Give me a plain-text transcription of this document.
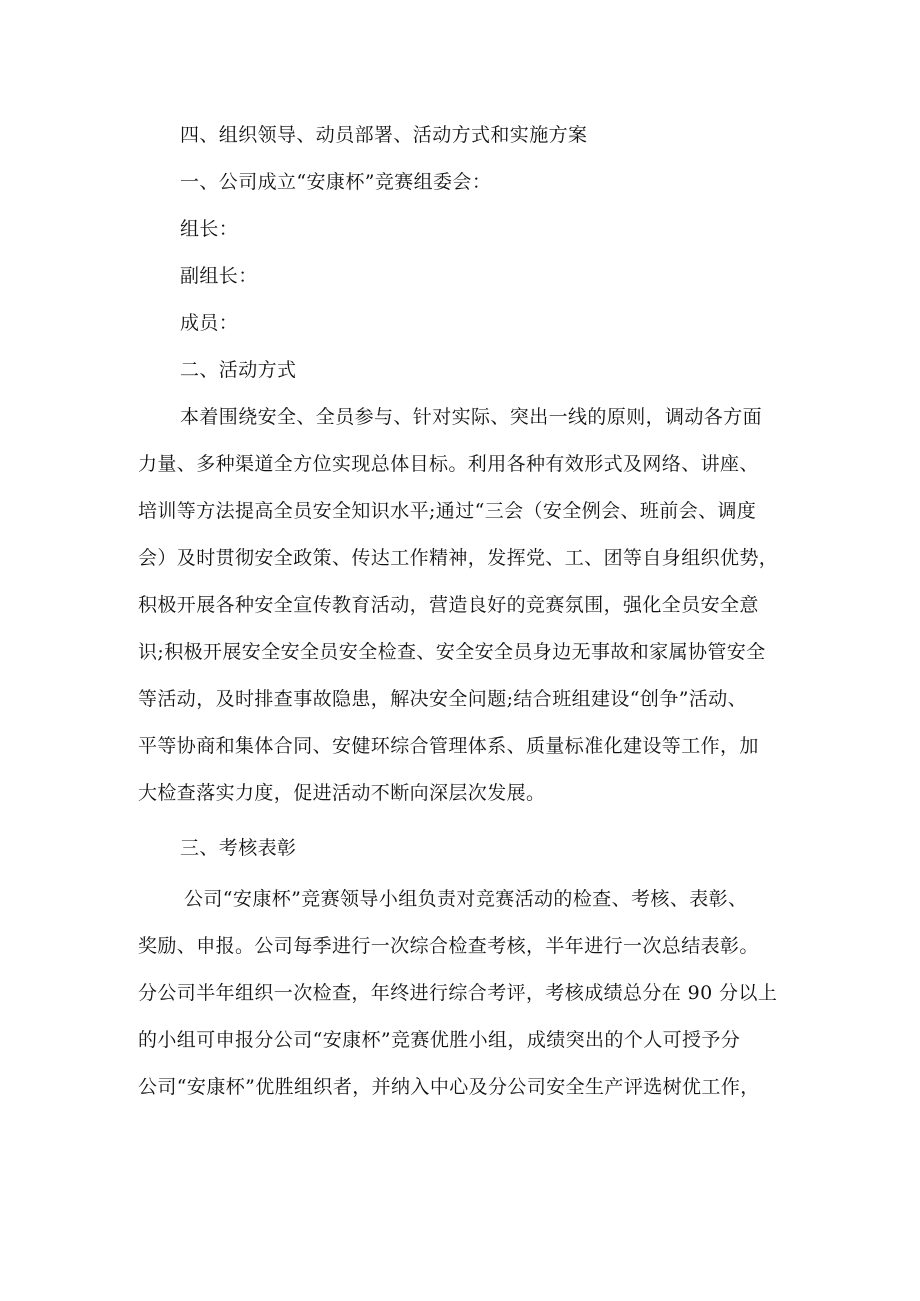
四、组织领导、动员部署、活动方式和实施方案

一、公司成立“安康杯”竞赛组委会：

组长：

副组长：

成员：

二、活动方式

本着围绕安全、全员参与、针对实际、突出一线的原则，调动各方面

力量、多种渠道全方位实现总体目标。利用各种有效形式及网络、讲座、

培训等方法提高全员安全知识水平;通过“三会（安全例会、班前会、调度

会）及时贯彻安全政策、传达工作精神，发挥党、工、团等自身组织优势，

积极开展各种安全宣传教育活动，营造良好的竞赛氛围，强化全员安全意

识;积极开展安全安全员安全检查、安全安全员身边无事故和家属协管安全

等活动，及时排查事故隐患，解决安全问题;结合班组建设“创争”活动、

平等协商和集体合同、安健环综合管理体系、质量标准化建设等工作，加

大检查落实力度，促进活动不断向深层次发展。

三、考核表彰

公司“安康杯”竞赛领导小组负责对竞赛活动的检查、考核、表彰、

奖励、申报。公司每季进行一次综合检查考核，半年进行一次总结表彰。

分公司半年组织一次检查，年终进行综合考评，考核成绩总分在 90 分以上

的小组可申报分公司“安康杯”竞赛优胜小组，成绩突出的个人可授予分

公司“安康杯”优胜组织者，并纳入中心及分公司安全生产评选树优工作，
